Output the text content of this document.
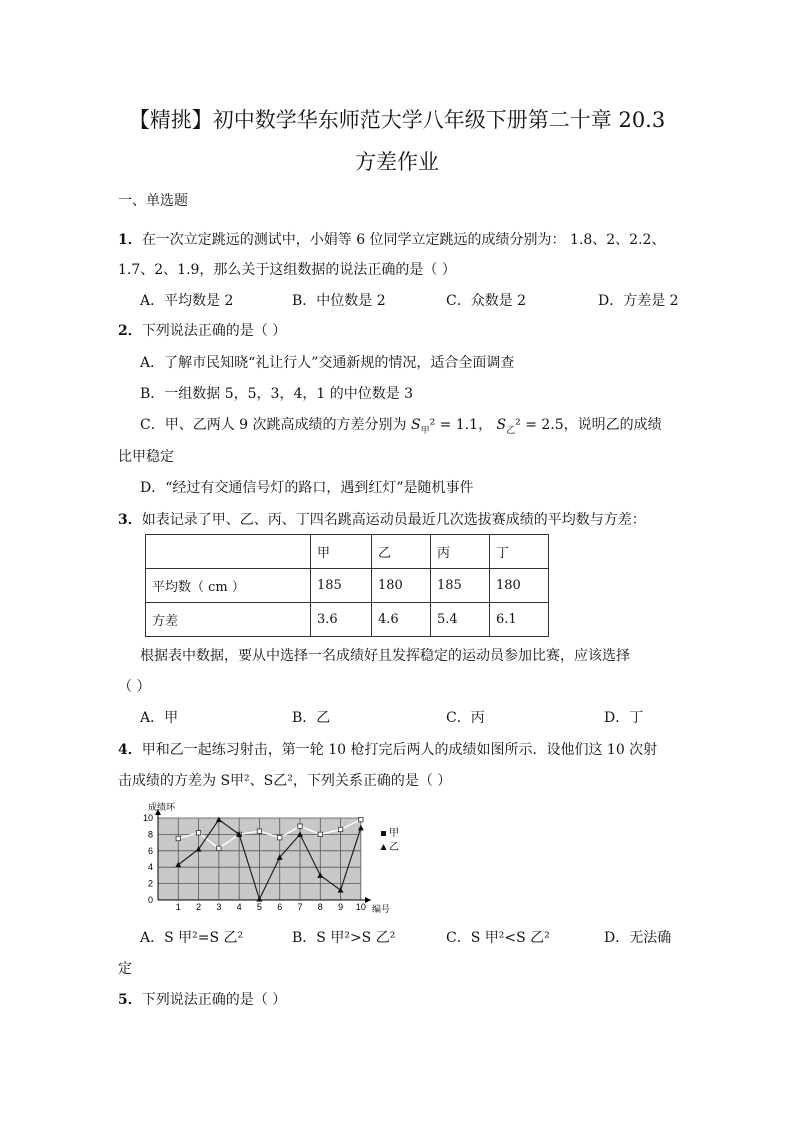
【精挑】初中数学华东师范大学八年级下册第二十章 20.3
方差作业
一、单选题
1．在一次立定跳远的测试中，小娟等 6 位同学立定跳远的成绩分别为： 1.8、2、2.2、
1.7、2、1.9，那么关于这组数据的说法正确的是（ ）
A．平均数是 2	B．中位数是 2	C．众数是 2	D．方差是 2
2．下列说法正确的是（ ）
A．了解市民知晓“礼让行人”交通新规的情况，适合全面调查
B．一组数据 5，5，3，4，1 的中位数是 3
C．甲、乙两人 9 次跳高成绩的方差分别为 $S_甲^2 = 1.1$， $S_乙^2 = 2.5$，说明乙的成绩
比甲稳定
D．“经过有交通信号灯的路口，遇到红灯”是随机事件
3．如表记录了甲、乙、丙、丁四名跳高运动员最近几次选拔赛成绩的平均数与方差：
	甲	乙	丙	丁
平均数（ cm ）	185	180	185	180
方差	3.6	4.6	5.4	6.1
根据表中数据，要从中选择一名成绩好且发挥稳定的运动员参加比赛，应该选择
（ ）
A．甲	B．乙	C．丙	D．丁
4．甲和乙一起练习射击，第一轮 10 枪打完后两人的成绩如图所示．设他们这 10 次射
击成绩的方差为 S甲²、S乙²，下列关系正确的是（ ）
0
2
4
6
8
10
1 2 3 4 5 6 7 8 9 10
成绩环
编号
甲
乙
A．S 甲²=S 乙²	B．S 甲²>S 乙²	C．S 甲²<S 乙²	D．无法确
定
5．下列说法正确的是（ ）
